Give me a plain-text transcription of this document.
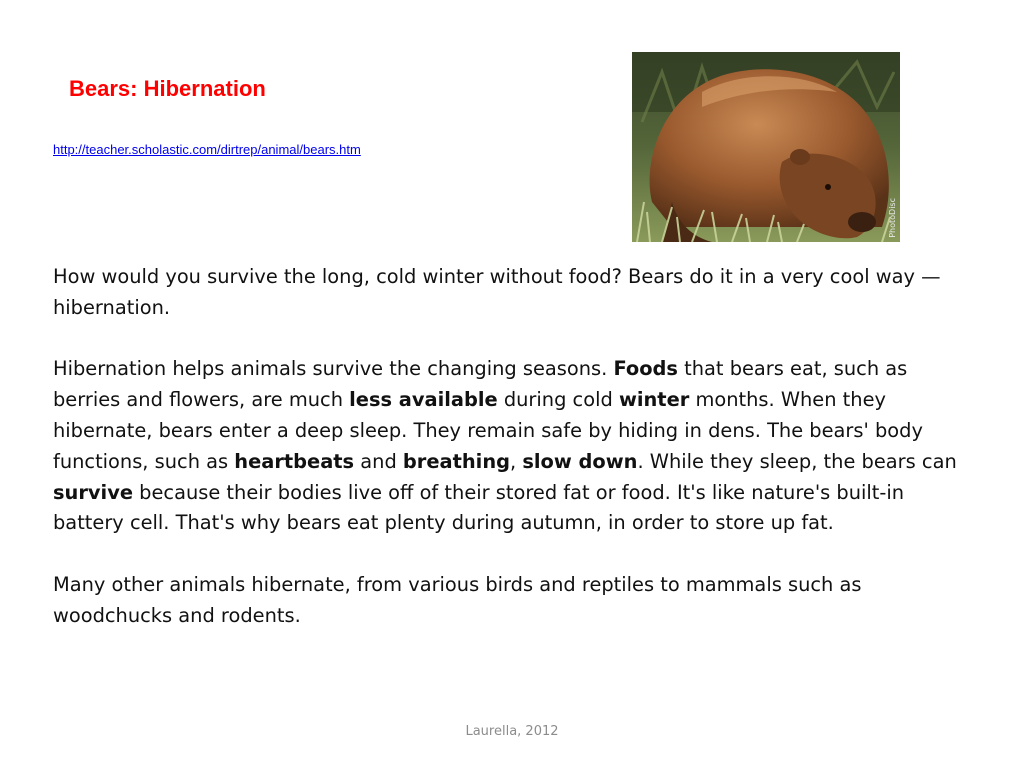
Bears: Hibernation
http://teacher.scholastic.com/dirtrep/animal/bears.htm
PhotoDisc

How would you survive the long, cold winter without food? Bears do it in a very cool way — hibernation.

Hibernation helps animals survive the changing seasons. Foods that bears eat, such as berries and flowers, are much less available during cold winter months. When they hibernate, bears enter a deep sleep. They remain safe by hiding in dens. The bears' body functions, such as heartbeats and breathing, slow down. While they sleep, the bears can survive because their bodies live off of their stored fat or food. It's like nature's built-in battery cell. That's why bears eat plenty during autumn, in order to store up fat.

Many other animals hibernate, from various birds and reptiles to mammals such as woodchucks and rodents.

Laurella, 2012
